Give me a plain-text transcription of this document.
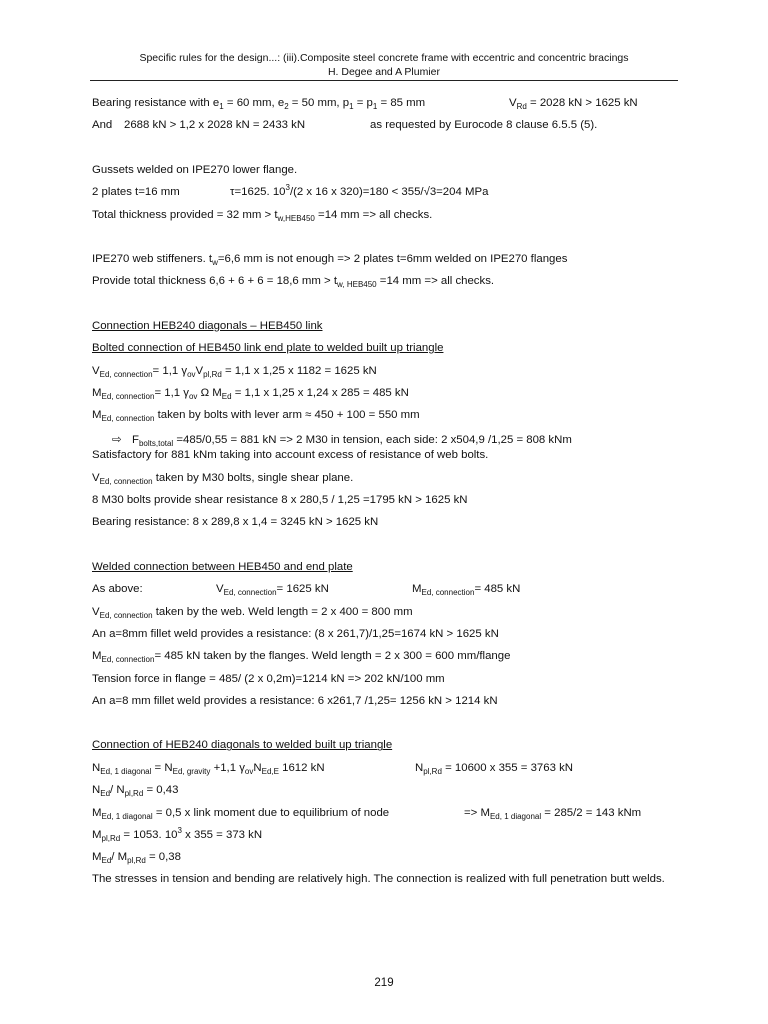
Specific rules for the design...: (iii).Composite steel concrete frame with eccentric and concentric bracings
H. Degee and A Plumier
Bearing resistance with $e_1 = 60$ mm, $e_2 = 50$ mm, $p_1 = p_1 = 85$ mm	$V_{Rd} = 2028$ kN > 1625 kN
And 2688 kN > 1,2 x 2028 kN = 2433 kN	as requested by Eurocode 8 clause 6.5.5 (5).
Gussets welded on IPE270 lower flange.
2 plates t=16 mm	τ=1625. $10^3/(2$ x 16 x 320)=180 < 355/√3=204 MPa
Total thickness provided = 32 mm > $t_{w,HEB450} =14$ mm => all checks.
IPE270 web stiffeners. $t_w=6,6$ mm is not enough => 2 plates t=6mm welded on IPE270 flanges
Provide total thickness 6,6 + 6 + 6 = 18,6 mm > $t_{w, HEB450} =14$ mm => all checks.
Connection HEB240 diagonals – HEB450 link
Bolted connection of HEB450 link end plate to welded built up triangle
$V_{Ed, connection}= 1,1$ $\gamma_{ov}V_{pl,Rd} = 1,1$ x 1,25 x 1182 = 1625 kN
$M_{Ed, connection}= 1,1$ $\gamma_{ov}$ Ω $M_{Ed} = 1,1$ x 1,25 x 1,24 x 285 = 485 kN
$M_{Ed, connection}$ taken by bolts with lever arm ≈ 450 + 100 = 550 mm
⇨ $F_{bolts,total} =485/0,55 = 881$ kN => 2 M30 in tension, each side: 2 x504,9 /1,25 = 808 kNm
Satisfactory for 881 kNm taking into account excess of resistance of web bolts.
$V_{Ed, connection}$ taken by M30 bolts, single shear plane.
8 M30 bolts provide shear resistance 8 x 280,5 / 1,25 =1795 kN > 1625 kN
Bearing resistance: 8 x 289,8 x 1,4 = 3245 kN > 1625 kN
Welded connection between HEB450 and end plate
As above:	$V_{Ed, connection}= 1625$ kN	$M_{Ed, connection}= 485$ kN
$V_{Ed, connection}$ taken by the web. Weld length = 2 x 400 = 800 mm
An a=8mm fillet weld provides a resistance: (8 x 261,7)/1,25=1674 kN > 1625 kN
$M_{Ed, connection}= 485$ kN taken by the flanges. Weld length = 2 x 300 = 600 mm/flange
Tension force in flange = 485/ (2 x 0,2m)=1214 kN => 202 kN/100 mm
An a=8 mm fillet weld provides a resistance: 6 x261,7 /1,25= 1256 kN > 1214 kN
Connection of HEB240 diagonals to welded built up triangle
$N_{Ed, 1 diagonal} = N_{Ed, gravity} +1,1$ $\gamma_{ov}N_{Ed,E}$ 1612 kN	$N_{pl,Rd} = 10600$ x 355 = 3763 kN
$N_{Ed}/$ $N_{pl,Rd} = 0,43$
$M_{Ed, 1 diagonal} = 0,5$ x link moment due to equilibrium of node	=> $M_{Ed, 1 diagonal} = 285/2 = 143$ kNm
$M_{pl,Rd} = 1053$. $10^3$ x 355 = 373 kN
$M_{Ed}/$ $M_{pl,Rd} = 0,38$
The stresses in tension and bending are relatively high. The connection is realized with full penetration butt welds.
219
